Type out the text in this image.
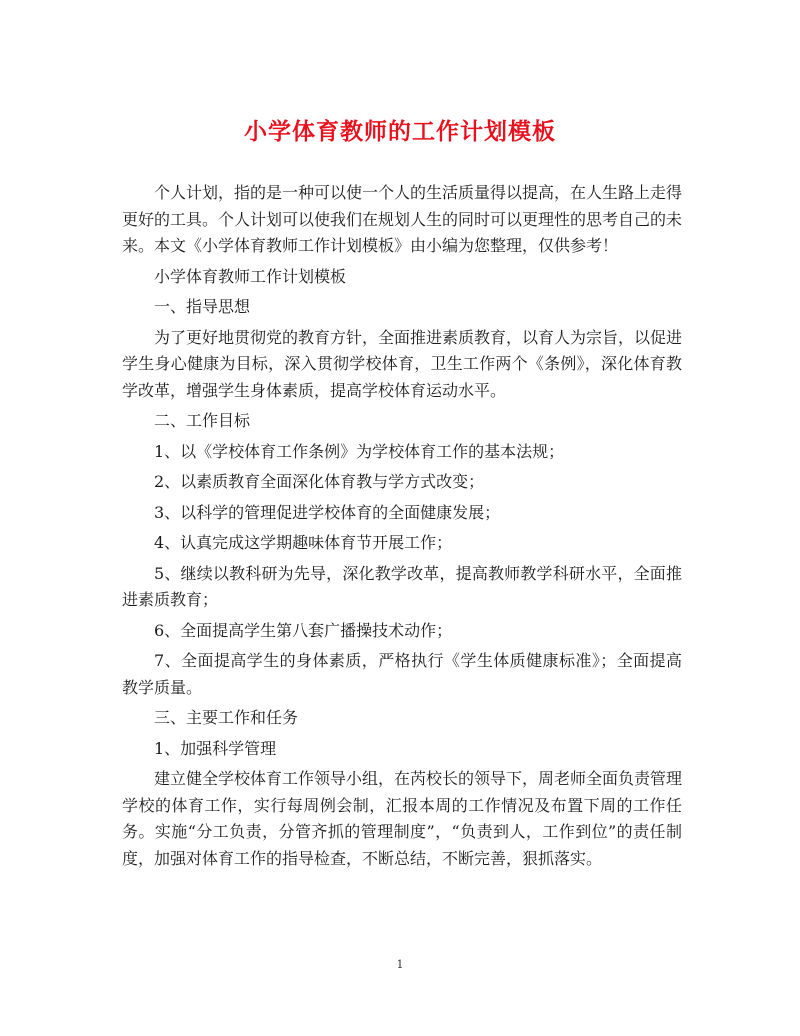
小学体育教师的工作计划模板

个人计划，指的是一种可以使一个人的生活质量得以提高，在人生路上走得更好的工具。个人计划可以使我们在规划人生的同时可以更理性的思考自己的未来。本文《小学体育教师工作计划模板》由小编为您整理，仅供参考！

小学体育教师工作计划模板

一、指导思想

为了更好地贯彻党的教育方针，全面推进素质教育，以育人为宗旨，以促进学生身心健康为目标，深入贯彻学校体育，卫生工作两个《条例》，深化体育教学改革，增强学生身体素质，提高学校体育运动水平。

二、工作目标

1、以《学校体育工作条例》为学校体育工作的基本法规；

2、以素质教育全面深化体育教与学方式改变；

3、以科学的管理促进学校体育的全面健康发展；

4、认真完成这学期趣味体育节开展工作；

5、继续以教科研为先导，深化教学改革，提高教师教学科研水平，全面推进素质教育；

6、全面提高学生第八套广播操技术动作；

7、全面提高学生的身体素质，严格执行《学生体质健康标准》；全面提高教学质量。

三、主要工作和任务

1、加强科学管理

建立健全学校体育工作领导小组，在芮校长的领导下，周老师全面负责管理学校的体育工作，实行每周例会制，汇报本周的工作情况及布置下周的工作任务。实施“分工负责，分管齐抓的管理制度”，“负责到人，工作到位”的责任制度，加强对体育工作的指导检查，不断总结，不断完善，狠抓落实。

1
